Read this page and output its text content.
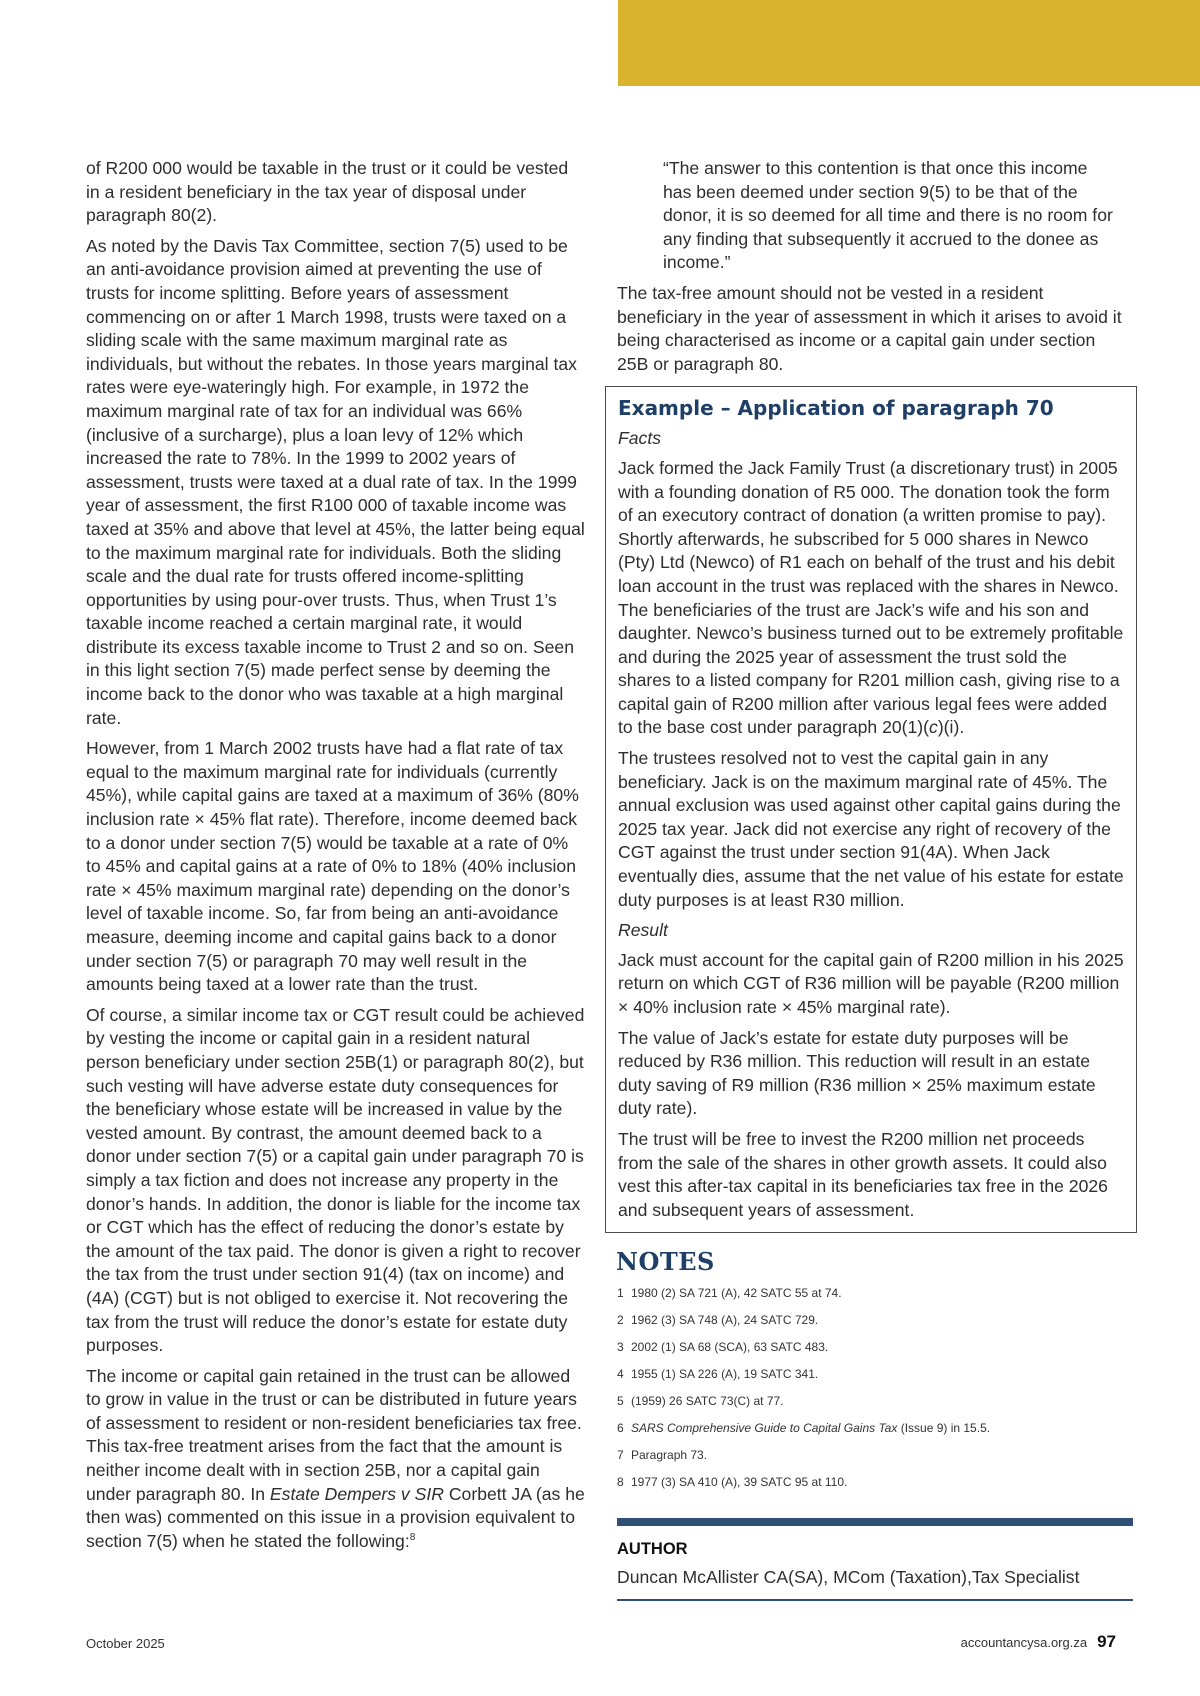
of R200 000 would be taxable in the trust or it could be vested in a resident beneficiary in the tax year of disposal under paragraph 80(2).

As noted by the Davis Tax Committee, section 7(5) used to be an anti-avoidance provision aimed at preventing the use of trusts for income splitting. Before years of assessment commencing on or after 1 March 1998, trusts were taxed on a sliding scale with the same maximum marginal rate as individuals, but without the rebates. In those years marginal tax rates were eye-wateringly high. For example, in 1972 the maximum marginal rate of tax for an individual was 66% (inclusive of a surcharge), plus a loan levy of 12% which increased the rate to 78%. In the 1999 to 2002 years of assessment, trusts were taxed at a dual rate of tax. In the 1999 year of assessment, the first R100 000 of taxable income was taxed at 35% and above that level at 45%, the latter being equal to the maximum marginal rate for individuals. Both the sliding scale and the dual rate for trusts offered income-splitting opportunities by using pour-over trusts. Thus, when Trust 1’s taxable income reached a certain marginal rate, it would distribute its excess taxable income to Trust 2 and so on. Seen in this light section 7(5) made perfect sense by deeming the income back to the donor who was taxable at a high marginal rate.

However, from 1 March 2002 trusts have had a flat rate of tax equal to the maximum marginal rate for individuals (currently 45%), while capital gains are taxed at a maximum of 36% (80% inclusion rate × 45% flat rate). Therefore, income deemed back to a donor under section 7(5) would be taxable at a rate of 0% to 45% and capital gains at a rate of 0% to 18% (40% inclusion rate × 45% maximum marginal rate) depending on the donor’s level of taxable income. So, far from being an anti-avoidance measure, deeming income and capital gains back to a donor under section 7(5) or paragraph 70 may well result in the amounts being taxed at a lower rate than the trust.

Of course, a similar income tax or CGT result could be achieved by vesting the income or capital gain in a resident natural person beneficiary under section 25B(1) or paragraph 80(2), but such vesting will have adverse estate duty consequences for the beneficiary whose estate will be increased in value by the vested amount. By contrast, the amount deemed back to a donor under section 7(5) or a capital gain under paragraph 70 is simply a tax fiction and does not increase any property in the donor’s hands. In addition, the donor is liable for the income tax or CGT which has the effect of reducing the donor’s estate by the amount of the tax paid. The donor is given a right to recover the tax from the trust under section 91(4) (tax on income) and (4A) (CGT) but is not obliged to exercise it. Not recovering the tax from the trust will reduce the donor’s estate for estate duty purposes.

The income or capital gain retained in the trust can be allowed to grow in value in the trust or can be distributed in future years of assessment to resident or non-resident beneficiaries tax free. This tax-free treatment arises from the fact that the amount is neither income dealt with in section 25B, nor a capital gain under paragraph 80. In Estate Dempers v SIR Corbett JA (as he then was) commented on this issue in a provision equivalent to section 7(5) when he stated the following:$^8$

“The answer to this contention is that once this income has been deemed under section 9(5) to be that of the donor, it is so deemed for all time and there is no room for any finding that subsequently it accrued to the donee as income.”

The tax-free amount should not be vested in a resident beneficiary in the year of assessment in which it arises to avoid it being characterised as income or a capital gain under section 25B or paragraph 80.

Example – Application of paragraph 70
Facts

Jack formed the Jack Family Trust (a discretionary trust) in 2005 with a founding donation of R5 000. The donation took the form of an executory contract of donation (a written promise to pay). Shortly afterwards, he subscribed for 5 000 shares in Newco (Pty) Ltd (Newco) of R1 each on behalf of the trust and his debit loan account in the trust was replaced with the shares in Newco. The beneficiaries of the trust are Jack’s wife and his son and daughter. Newco’s business turned out to be extremely profitable and during the 2025 year of assessment the trust sold the shares to a listed company for R201 million cash, giving rise to a capital gain of R200 million after various legal fees were added to the base cost under paragraph 20(1)(c)(i).

The trustees resolved not to vest the capital gain in any beneficiary. Jack is on the maximum marginal rate of 45%. The annual exclusion was used against other capital gains during the 2025 tax year. Jack did not exercise any right of recovery of the CGT against the trust under section 91(4A). When Jack eventually dies, assume that the net value of his estate for estate duty purposes is at least R30 million.

Result

Jack must account for the capital gain of R200 million in his 2025 return on which CGT of R36 million will be payable (R200 million × 40% inclusion rate × 45% marginal rate).

The value of Jack’s estate for estate duty purposes will be reduced by R36 million. This reduction will result in an estate duty saving of R9 million (R36 million × 25% maximum estate duty rate).

The trust will be free to invest the R200 million net proceeds from the sale of the shares in other growth assets. It could also vest this after-tax capital in its beneficiaries tax free in the 2026 and subsequent years of assessment.

NOTES
1 1980 (2) SA 721 (A), 42 SATC 55 at 74.
2 1962 (3) SA 748 (A), 24 SATC 729.
3 2002 (1) SA 68 (SCA), 63 SATC 483.
4 1955 (1) SA 226 (A), 19 SATC 341.
5 (1959) 26 SATC 73(C) at 77.
6 SARS Comprehensive Guide to Capital Gains Tax (Issue 9) in 15.5.
7 Paragraph 73.
8 1977 (3) SA 410 (A), 39 SATC 95 at 110.
AUTHOR
Duncan McAllister CA(SA), MCom (Taxation),Tax Specialist
October 2025	accountancysa.org.za 97
